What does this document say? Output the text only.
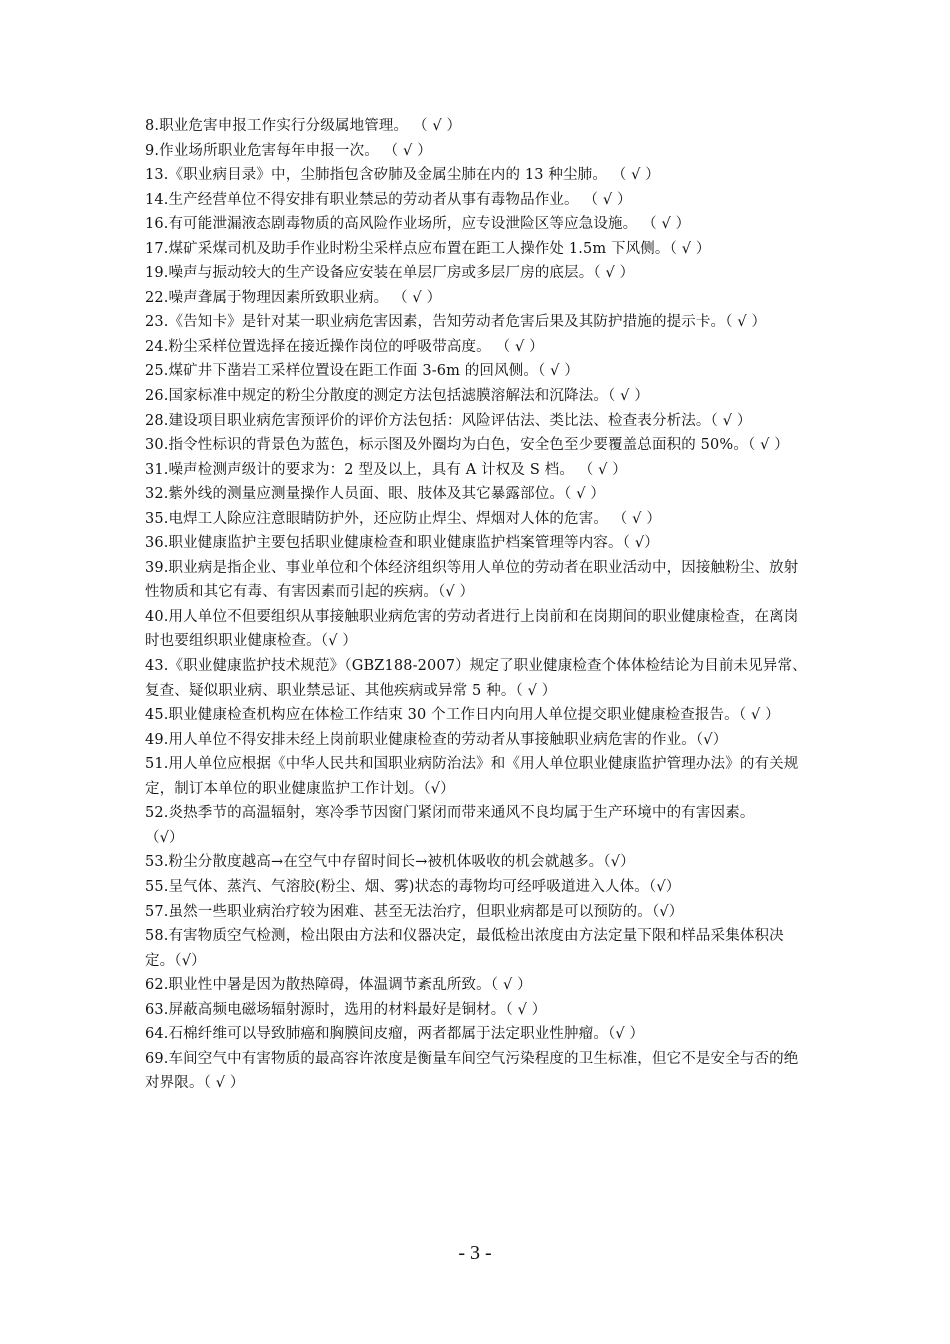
8.职业危害申报工作实行分级属地管理。 （ √ ）

9.作业场所职业危害每年申报一次。 （ √ ）

13.《职业病目录》中，尘肺指包含矽肺及金属尘肺在内的 13 种尘肺。 （ √ ）

14.生产经营单位不得安排有职业禁忌的劳动者从事有毒物品作业。 （ √ ）

16.有可能泄漏液态剧毒物质的高风险作业场所，应专设泄险区等应急设施。 （ √ ）

17.煤矿采煤司机及助手作业时粉尘采样点应布置在距工人操作处 1.5m 下风侧。（ √ ）

19.噪声与振动较大的生产设备应安装在单层厂房或多层厂房的底层。（ √ ）

22.噪声聋属于物理因素所致职业病。 （ √ ）

23.《告知卡》是针对某一职业病危害因素，告知劳动者危害后果及其防护措施的提示卡。（ √ ）

24.粉尘采样位置选择在接近操作岗位的呼吸带高度。 （ √ ）

25.煤矿井下凿岩工采样位置设在距工作面 3-6m 的回风侧。（ √ ）

26.国家标准中规定的粉尘分散度的测定方法包括滤膜溶解法和沉降法。（ √ ）

28.建设项目职业病危害预评价的评价方法包括：风险评估法、类比法、检查表分析法。（ √ ）

30.指令性标识的背景色为蓝色，标示图及外圈均为白色，安全色至少要覆盖总面积的 50%。（ √ ）

31.噪声检测声级计的要求为：2 型及以上，具有 A 计权及 S 档。 （ √ ）

32.紫外线的测量应测量操作人员面、眼、肢体及其它暴露部位。（ √ ）

35.电焊工人除应注意眼睛防护外，还应防止焊尘、焊烟对人体的危害。 （ √ ）

36.职业健康监护主要包括职业健康检查和职业健康监护档案管理等内容。（ √）

39.职业病是指企业、事业单位和个体经济组织等用人单位的劳动者在职业活动中，因接触粉尘、放射性物质和其它有毒、有害因素而引起的疾病。（√ ）

40.用人单位不但要组织从事接触职业病危害的劳动者进行上岗前和在岗期间的职业健康检查，在离岗时也要组织职业健康检查。（√ ）

43.《职业健康监护技术规范》（GBZ188-2007）规定了职业健康检查个体体检结论为目前未见异常、复查、疑似职业病、职业禁忌证、其他疾病或异常 5 种。（ √ ）

45.职业健康检查机构应在体检工作结束 30 个工作日内向用人单位提交职业健康检查报告。（ √ ）

49.用人单位不得安排未经上岗前职业健康检查的劳动者从事接触职业病危害的作业。（√）

51.用人单位应根据《中华人民共和国职业病防治法》和《用人单位职业健康监护管理办法》的有关规定，制订本单位的职业健康监护工作计划。（√）

52.炎热季节的高温辐射，寒冷季节因窗门紧闭而带来通风不良均属于生产环境中的有害因素。

（√）

53.粉尘分散度越高→在空气中存留时间长→被机体吸收的机会就越多。（√）

55.呈气体、蒸汽、气溶胶(粉尘、烟、雾)状态的毒物均可经呼吸道进入人体。（√）

57.虽然一些职业病治疗较为困难、甚至无法治疗，但职业病都是可以预防的。（√）

58.有害物质空气检测，检出限由方法和仪器决定，最低检出浓度由方法定量下限和样品采集体积决定。（√）

62.职业性中暑是因为散热障碍，体温调节紊乱所致。（ √ ）

63.屏蔽高频电磁场辐射源时，选用的材料最好是铜材。（ √ ）

64.石棉纤维可以导致肺癌和胸膜间皮瘤，两者都属于法定职业性肿瘤。（√ ）

69.车间空气中有害物质的最高容许浓度是衡量车间空气污染程度的卫生标准，但它不是安全与否的绝对界限。（ √ ）

- 3 -
